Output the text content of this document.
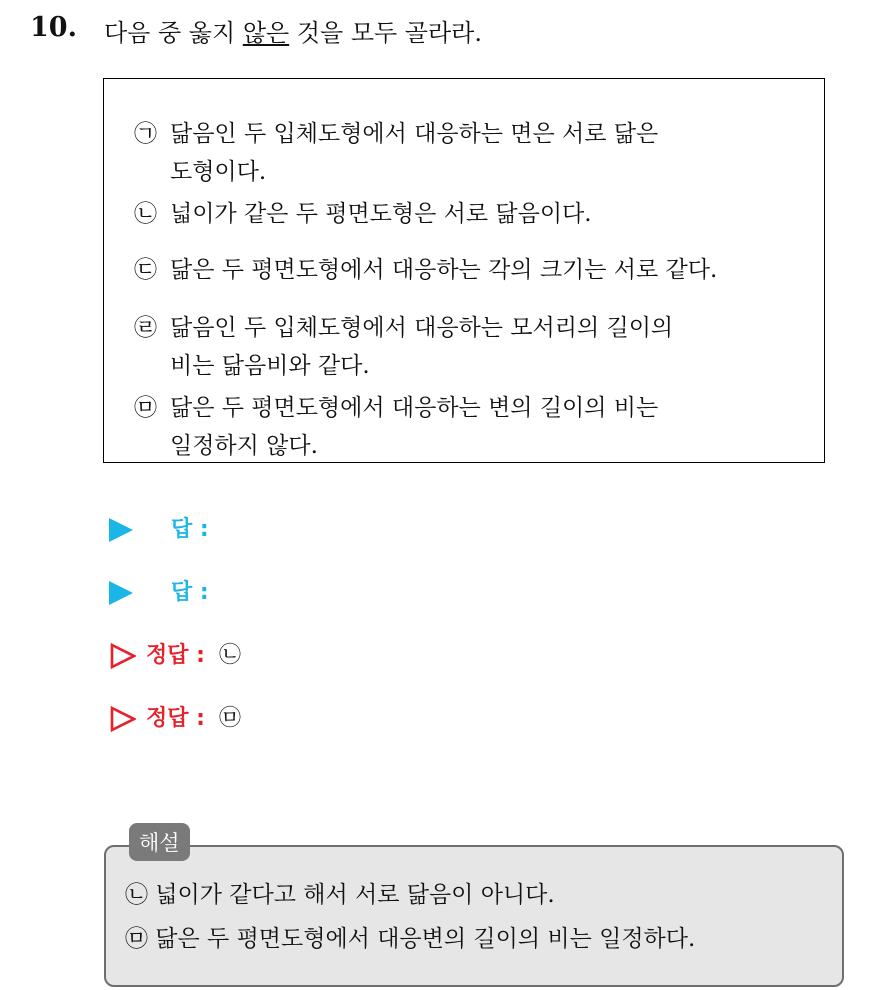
10. 다음 중 옳지 않은 것을 모두 골라라.
㉠ 닮음인 두 입체도형에서 대응하는 면은 서로 닮은
도형이다.
㉡ 넓이가 같은 두 평면도형은 서로 닮음이다.
㉢ 닮은 두 평면도형에서 대응하는 각의 크기는 서로 같다.
㉣ 닮음인 두 입체도형에서 대응하는 모서리의 길이의
비는 닮음비와 같다.
㉤ 닮은 두 평면도형에서 대응하는 변의 길이의 비는
일정하지 않다.
답 :
답 :
정답 : ㉡
정답 : ㉤
해설
㉡ 넓이가 같다고 해서 서로 닮음이 아니다.
㉤ 닮은 두 평면도형에서 대응변의 길이의 비는 일정하다.
